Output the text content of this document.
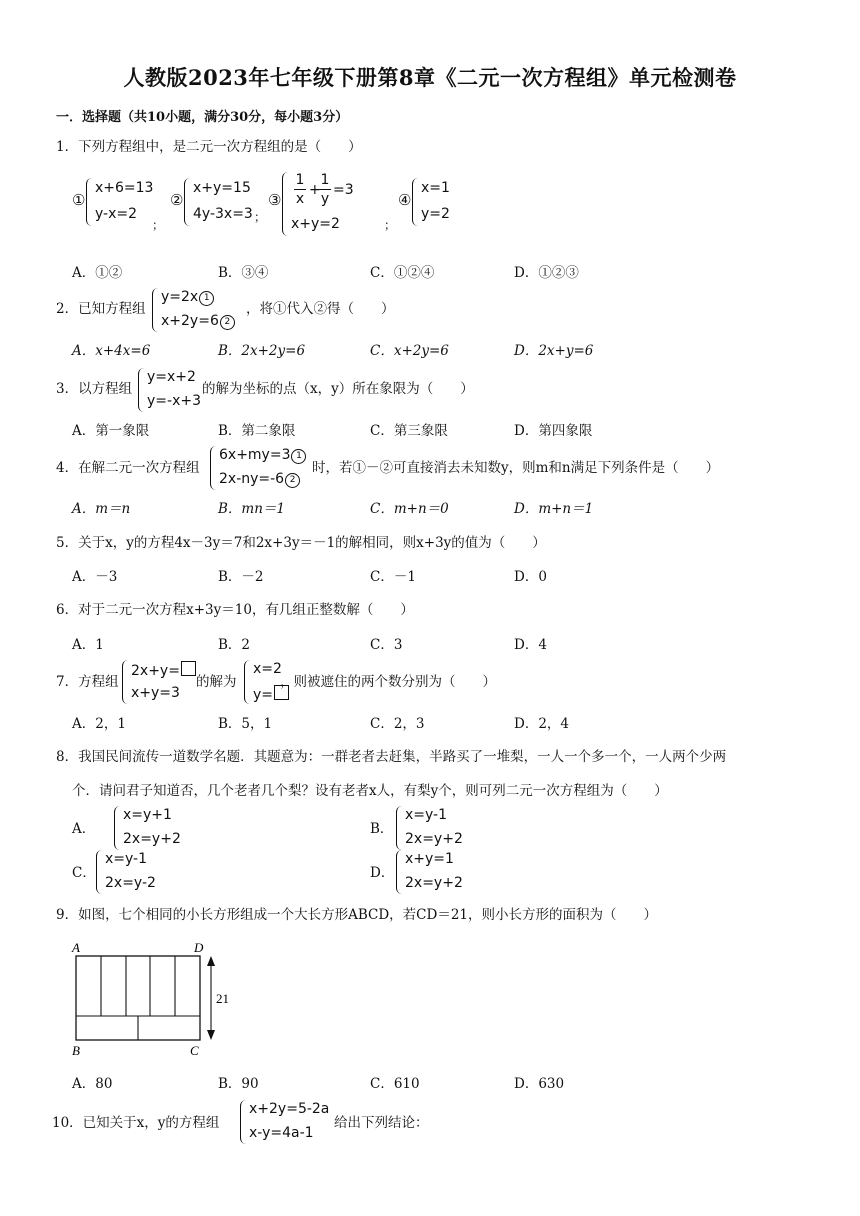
人教版2023年七年级下册第8章《二元一次方程组》单元检测卷
一．选择题（共10小题，满分30分，每小题3分）
1．下列方程组中，是二元一次方程组的是（　　）
①
x+6=13
y-x=2
；
②
x+y=15
4y-3x=3 ；
③
1
x
+
1
y
=3
x+y=2	；
④
x=1
y=2
A．①②	B．③④	C．①②④	D．①②③
2．已知方程组
y=2x 1
x+2y=6 2
，将①代入②得（　　）
A．x+4x=6	B．2x+2y=6	C．x+2y=6	D．2x+y=6
3．以方程组
y=x+2
y=-x+3
的解为坐标的点（x，y）所在象限为（　　）
A．第一象限	B．第二象限	C．第三象限	D．第四象限
4．在解二元一次方程组
6x+my=3 1
2x-ny=-6 2
时，若①－②可直接消去未知数y，则m和n满足下列条件是（　　）
A．m＝n	B．mn＝1	C．m+n＝0	D．m+n＝1
5．关于x，y的方程4x－3y＝7和2x+3y＝－1的解相同，则x+3y的值为（　　）
A．－3	B．－2	C．－1	D．0
6．对于二元一次方程x+3y＝10，有几组正整数解（　　）
A．1	B．2	C．3	D．4
7．方程组
2x+y=
x+y=3
的解为
x=2
y=
，则被遮住的两个数分别为（　　）
A．2，1	B．5，1	C．2，3	D．2，4
8．我国民间流传一道数学名题．其题意为：一群老者去赶集，半路买了一堆梨，一人一个多一个，一人两个少两
个．请问君子知道否，几个老者几个梨？设有老者x人，有梨y个，则可列二元一次方程组为（　　）
A．
x=y+1
2x=y+2
B．
x=y-1
2x=y+2
C．
x=y-1
2x=y-2
D．
x+y=1
2x=y+2
9．如图，七个相同的小长方形组成一个大长方形ABCD，若CD＝21，则小长方形的面积为（　　）
A	D
B	C
21
A．80	B．90	C．610	D．630
10．已知关于x，y的方程组
x+2y=5-2a
x-y=4a-1
给出下列结论：
